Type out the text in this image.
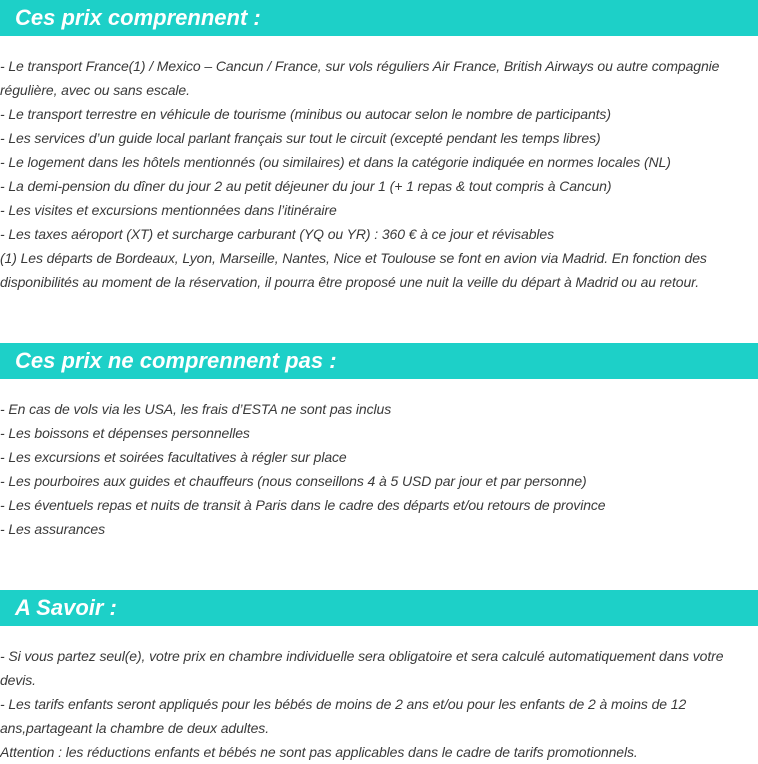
Ces prix comprennent :
- Le transport France(1) / Mexico – Cancun / France, sur vols réguliers Air France, British Airways ou autre compagnie régulière, avec ou sans escale.
- Le transport terrestre en véhicule de tourisme (minibus ou autocar selon le nombre de participants)
- Les services d’un guide local parlant français sur tout le circuit (excepté pendant les temps libres)
- Le logement dans les hôtels mentionnés (ou similaires) et dans la catégorie indiquée en normes locales (NL)
- La demi-pension du dîner du jour 2 au petit déjeuner du jour 1 (+ 1 repas & tout compris à Cancun)
- Les visites et excursions mentionnées dans l’itinéraire
- Les taxes aéroport (XT) et surcharge carburant (YQ ou YR) : 360 € à ce jour et révisables
(1) Les départs de Bordeaux, Lyon, Marseille, Nantes, Nice et Toulouse se font en avion via Madrid. En fonction des disponibilités au moment de la réservation, il pourra être proposé une nuit la veille du départ à Madrid ou au retour.
Ces prix ne comprennent pas :
- En cas de vols via les USA, les frais d’ESTA ne sont pas inclus
- Les boissons et dépenses personnelles
- Les excursions et soirées facultatives à régler sur place
- Les pourboires aux guides et chauffeurs (nous conseillons 4 à 5 USD par jour et par personne)
- Les éventuels repas et nuits de transit à Paris dans le cadre des départs et/ou retours de province
- Les assurances
A Savoir :
- Si vous partez seul(e), votre prix en chambre individuelle sera obligatoire et sera calculé automatiquement dans votre devis.
- Les tarifs enfants seront appliqués pour les bébés de moins de 2 ans et/ou pour les enfants de 2 à moins de 12 ans,partageant la chambre de deux adultes.
Attention : les réductions enfants et bébés ne sont pas applicables dans le cadre de tarifs promotionnels.
